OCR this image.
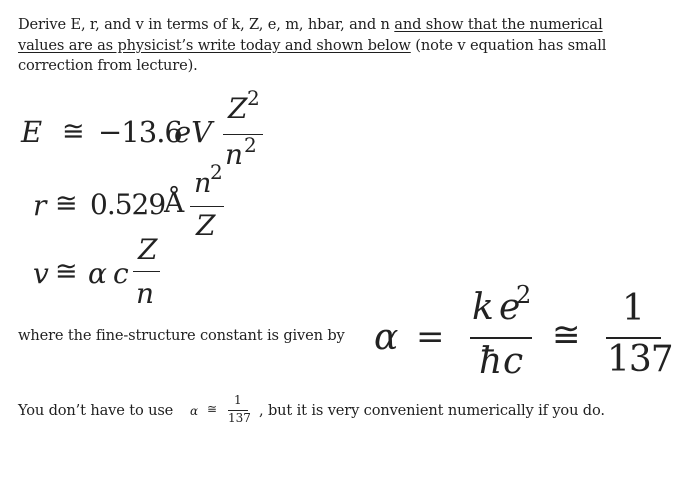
Derive E, r, and v in terms of k, Z, e, m, hbar, and n and show that the numerical values are as physicist’s write today and shown below (note v equation has small correction from lecture).
E ≅ −13.6
eV
Z 2
n 2
r ≅ 0.529
Å
n
2
Z
v ≅ α c
Z
n
where the fine-structure constant is given by α =
k e
2
ħ c
≅
1
137
You don’t have to use α ≅
1
137 , but it is very convenient numerically if you do.
